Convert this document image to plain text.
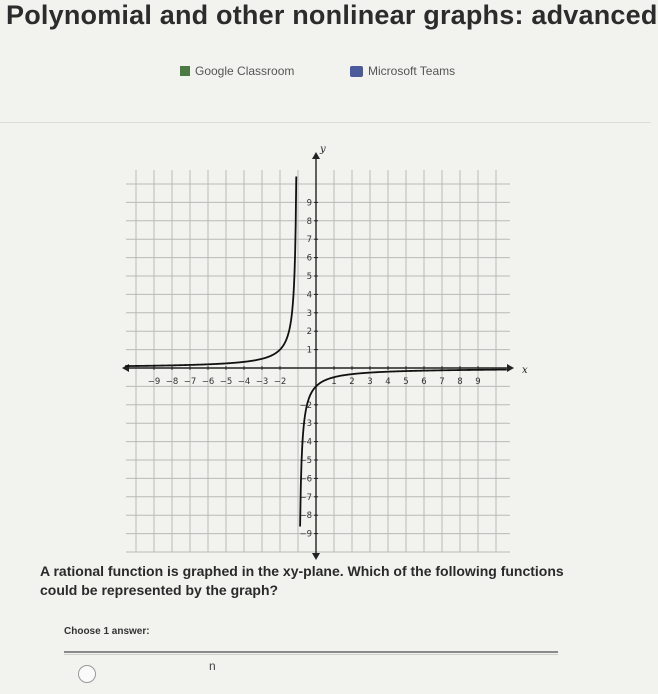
Polynomial and other nonlinear graphs: advanced
Google Classroom	Microsoft Teams
x
y
−9 −8 −7 −6 −5 −4 −3 −2	1 2 3 4 5 6 7 8 9
9
8
7
6
5
4
3
2
1
−2
−3
−4
−5
−6
−7
−8
−9
A rational function is graphed in the xy-plane. Which of the following functions could be represented by the graph?
Choose 1 answer:
n
